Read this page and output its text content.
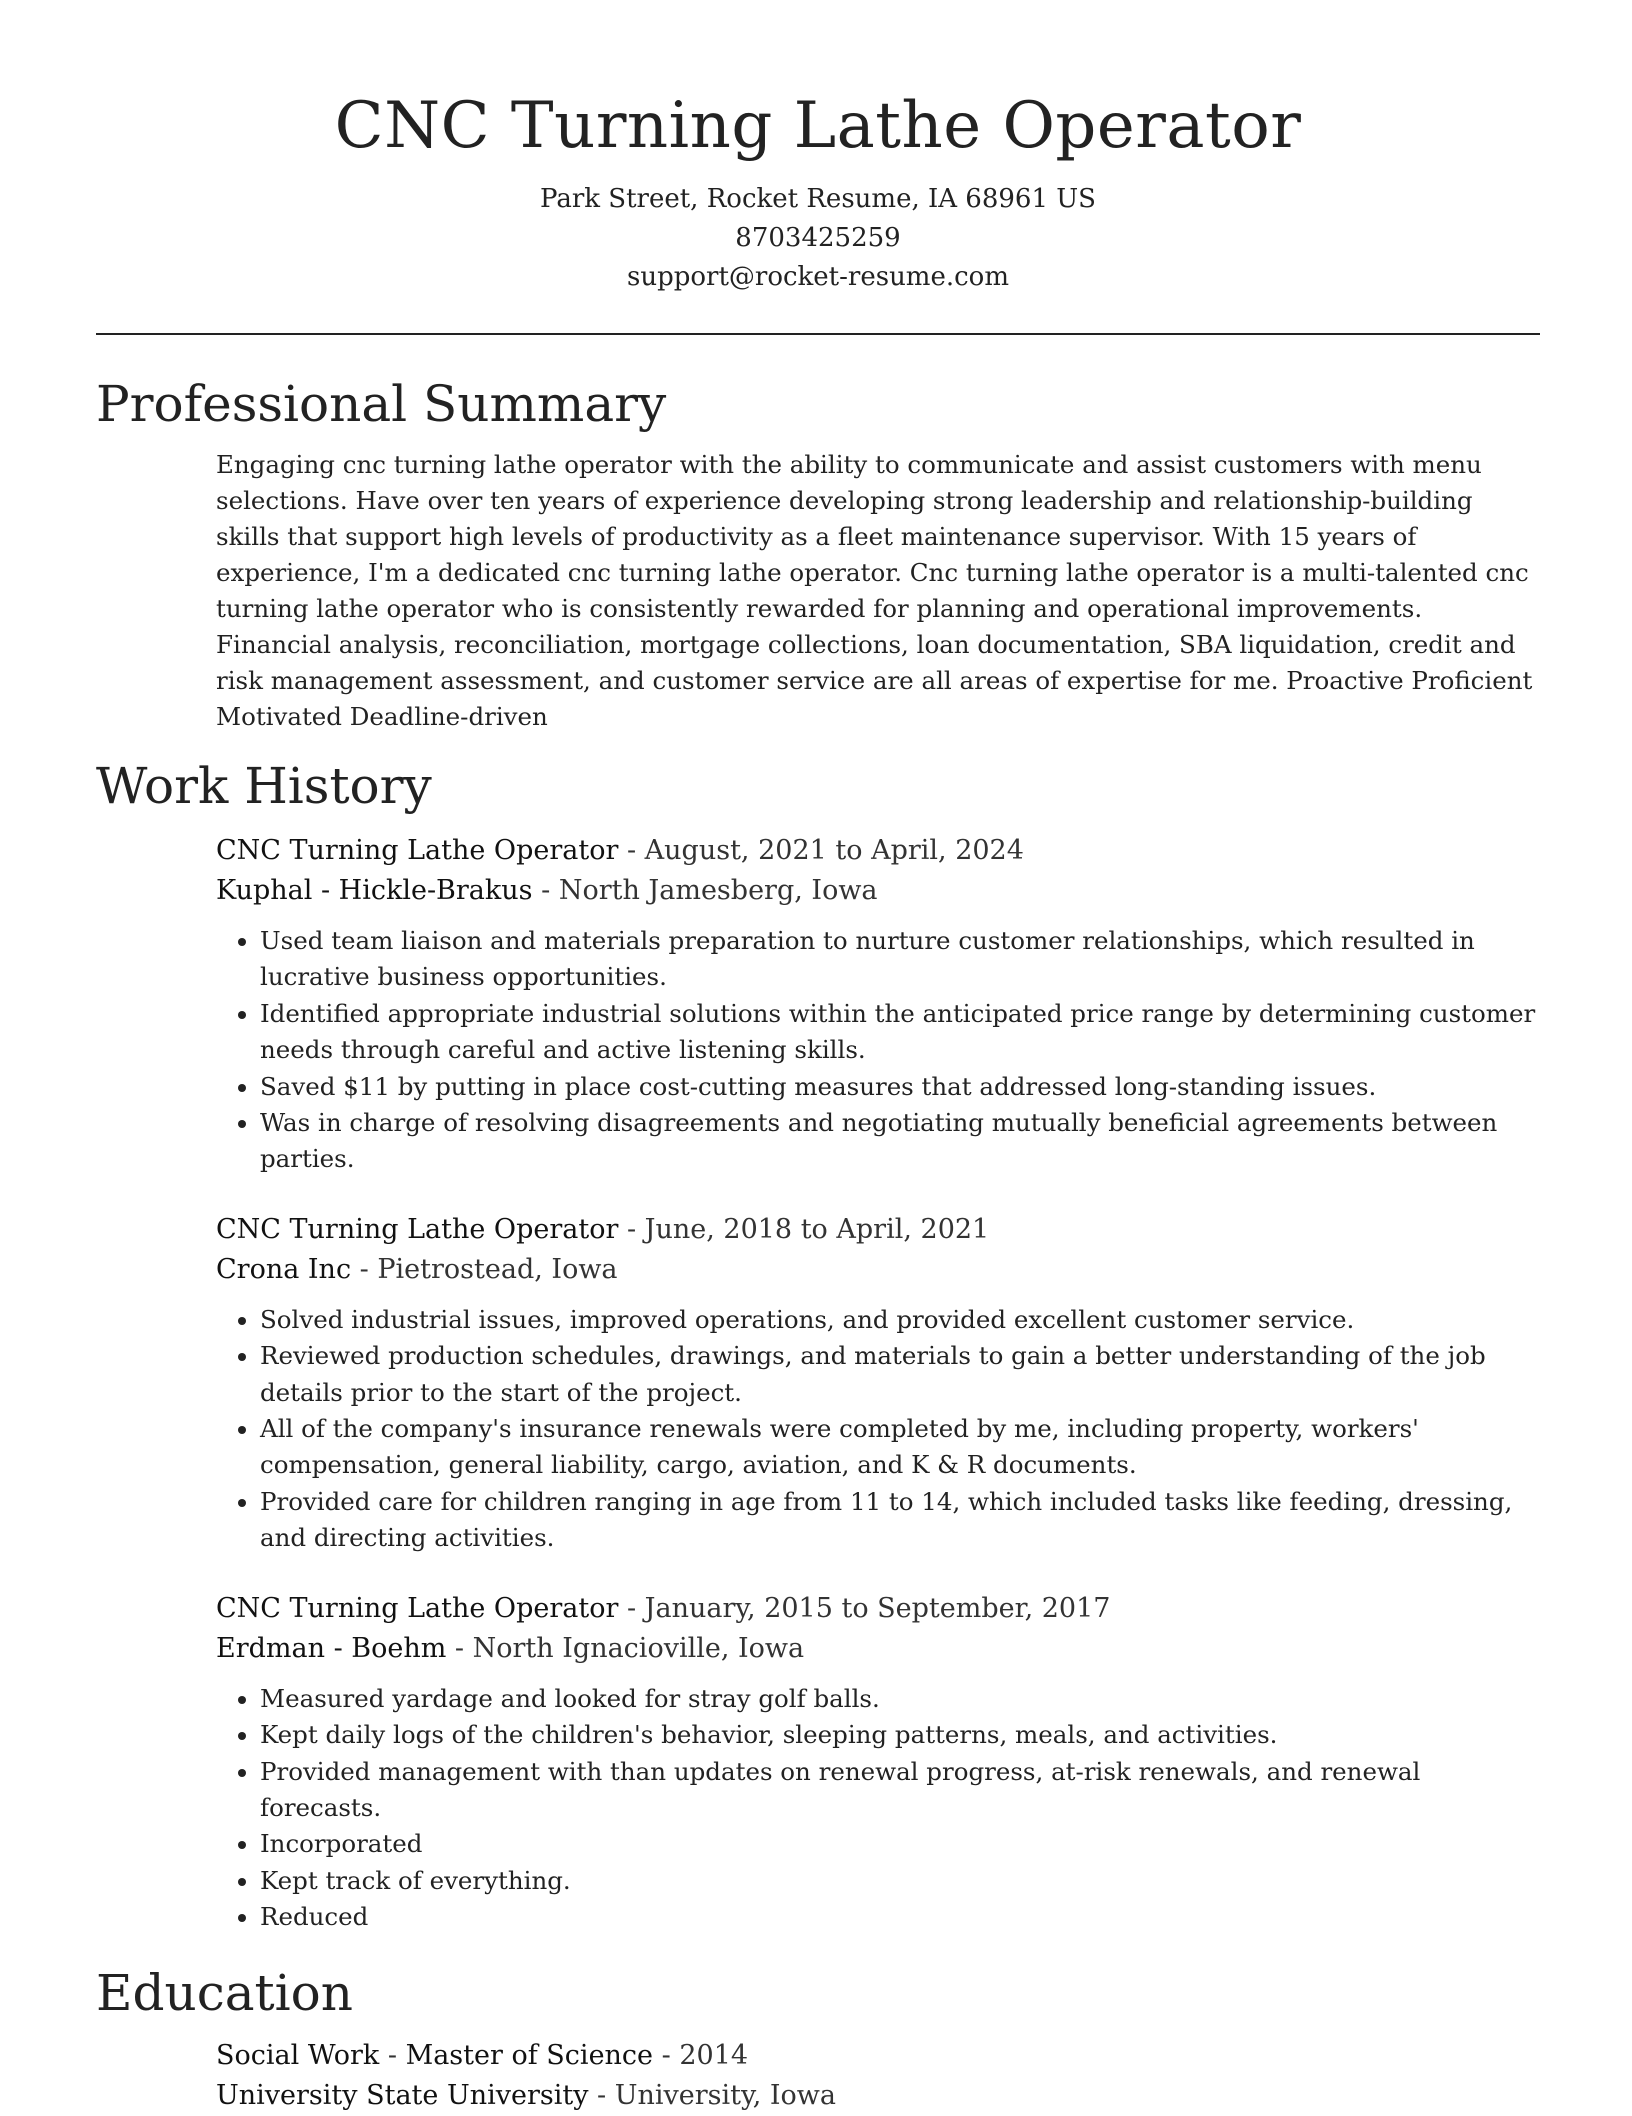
CNC Turning Lathe Operator
Park Street, Rocket Resume, IA 68961 US
8703425259
support@rocket-resume.com
Professional Summary
Engaging cnc turning lathe operator with the ability to communicate and assist customers with menu selections. Have over ten years of experience developing strong leadership and relationship-building skills that support high levels of productivity as a fleet maintenance supervisor. With 15 years of experience, I'm a dedicated cnc turning lathe operator. Cnc turning lathe operator is a multi-talented cnc turning lathe operator who is consistently rewarded for planning and operational improvements. Financial analysis, reconciliation, mortgage collections, loan documentation, SBA liquidation, credit and risk management assessment, and customer service are all areas of expertise for me. Proactive Proficient Motivated Deadline-driven
Work History
CNC Turning Lathe Operator - August, 2021 to April, 2024
Kuphal - Hickle-Brakus - North Jamesberg, Iowa
• Used team liaison and materials preparation to nurture customer relationships, which resulted in lucrative business opportunities.
• Identified appropriate industrial solutions within the anticipated price range by determining customer needs through careful and active listening skills.
• Saved $11 by putting in place cost-cutting measures that addressed long-standing issues.
• Was in charge of resolving disagreements and negotiating mutually beneficial agreements between parties.
CNC Turning Lathe Operator - June, 2018 to April, 2021
Crona Inc - Pietrostead, Iowa
• Solved industrial issues, improved operations, and provided excellent customer service.
• Reviewed production schedules, drawings, and materials to gain a better understanding of the job details prior to the start of the project.
• All of the company's insurance renewals were completed by me, including property, workers' compensation, general liability, cargo, aviation, and K & R documents.
• Provided care for children ranging in age from 11 to 14, which included tasks like feeding, dressing, and directing activities.
CNC Turning Lathe Operator - January, 2015 to September, 2017
Erdman - Boehm - North Ignacioville, Iowa
• Measured yardage and looked for stray golf balls.
• Kept daily logs of the children's behavior, sleeping patterns, meals, and activities.
• Provided management with than updates on renewal progress, at-risk renewals, and renewal forecasts.
• Incorporated
• Kept track of everything.
• Reduced
Education
Social Work - Master of Science - 2014
University State University - University, Iowa
